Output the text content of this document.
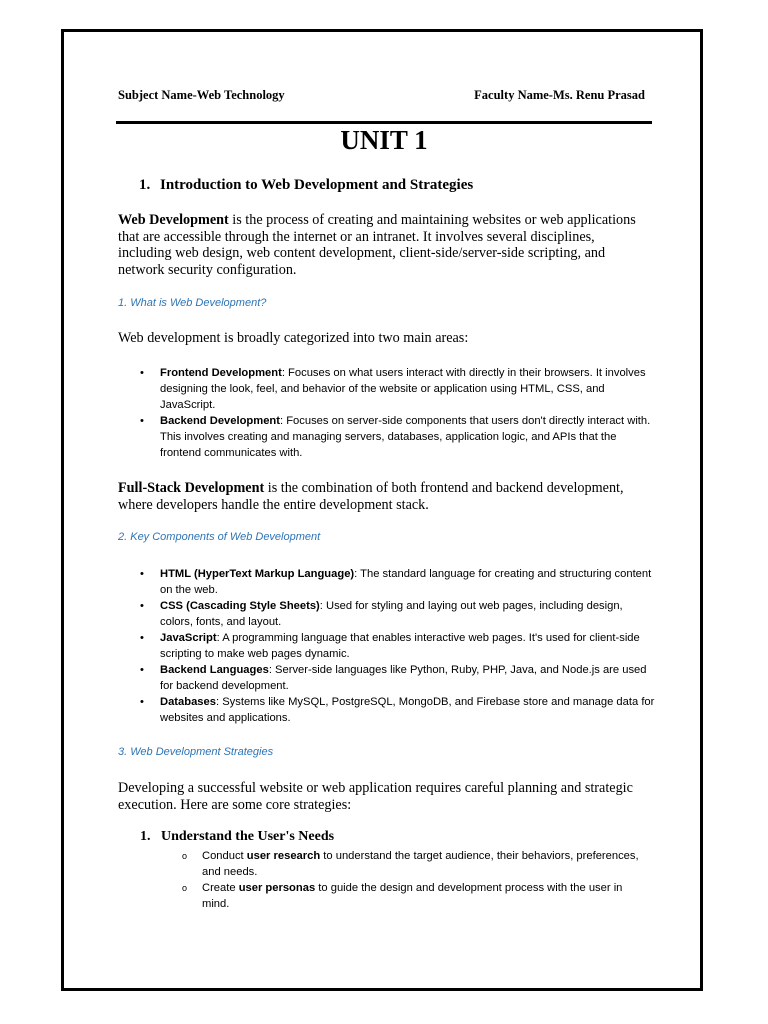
Subject Name-Web Technology	Faculty Name-Ms. Renu Prasad
UNIT 1
1. Introduction to Web Development and Strategies
Web Development is the process of creating and maintaining websites or web applications that are accessible through the internet or an intranet. It involves several disciplines, including web design, web content development, client-side/server-side scripting, and network security configuration.
1. What is Web Development?
Web development is broadly categorized into two main areas:
• Frontend Development: Focuses on what users interact with directly in their browsers. It involves designing the look, feel, and behavior of the website or application using HTML, CSS, and JavaScript.
• Backend Development: Focuses on server-side components that users don't directly interact with. This involves creating and managing servers, databases, application logic, and APIs that the frontend communicates with.
Full-Stack Development is the combination of both frontend and backend development, where developers handle the entire development stack.
2. Key Components of Web Development
• HTML (HyperText Markup Language): The standard language for creating and structuring content on the web.
• CSS (Cascading Style Sheets): Used for styling and laying out web pages, including design, colors, fonts, and layout.
• JavaScript: A programming language that enables interactive web pages. It's used for client-side scripting to make web pages dynamic.
• Backend Languages: Server-side languages like Python, Ruby, PHP, Java, and Node.js are used for backend development.
• Databases: Systems like MySQL, PostgreSQL, MongoDB, and Firebase store and manage data for websites and applications.
3. Web Development Strategies
Developing a successful website or web application requires careful planning and strategic execution. Here are some core strategies:
1. Understand the User's Needs
o Conduct user research to understand the target audience, their behaviors, preferences, and needs.
o Create user personas to guide the design and development process with the user in mind.
